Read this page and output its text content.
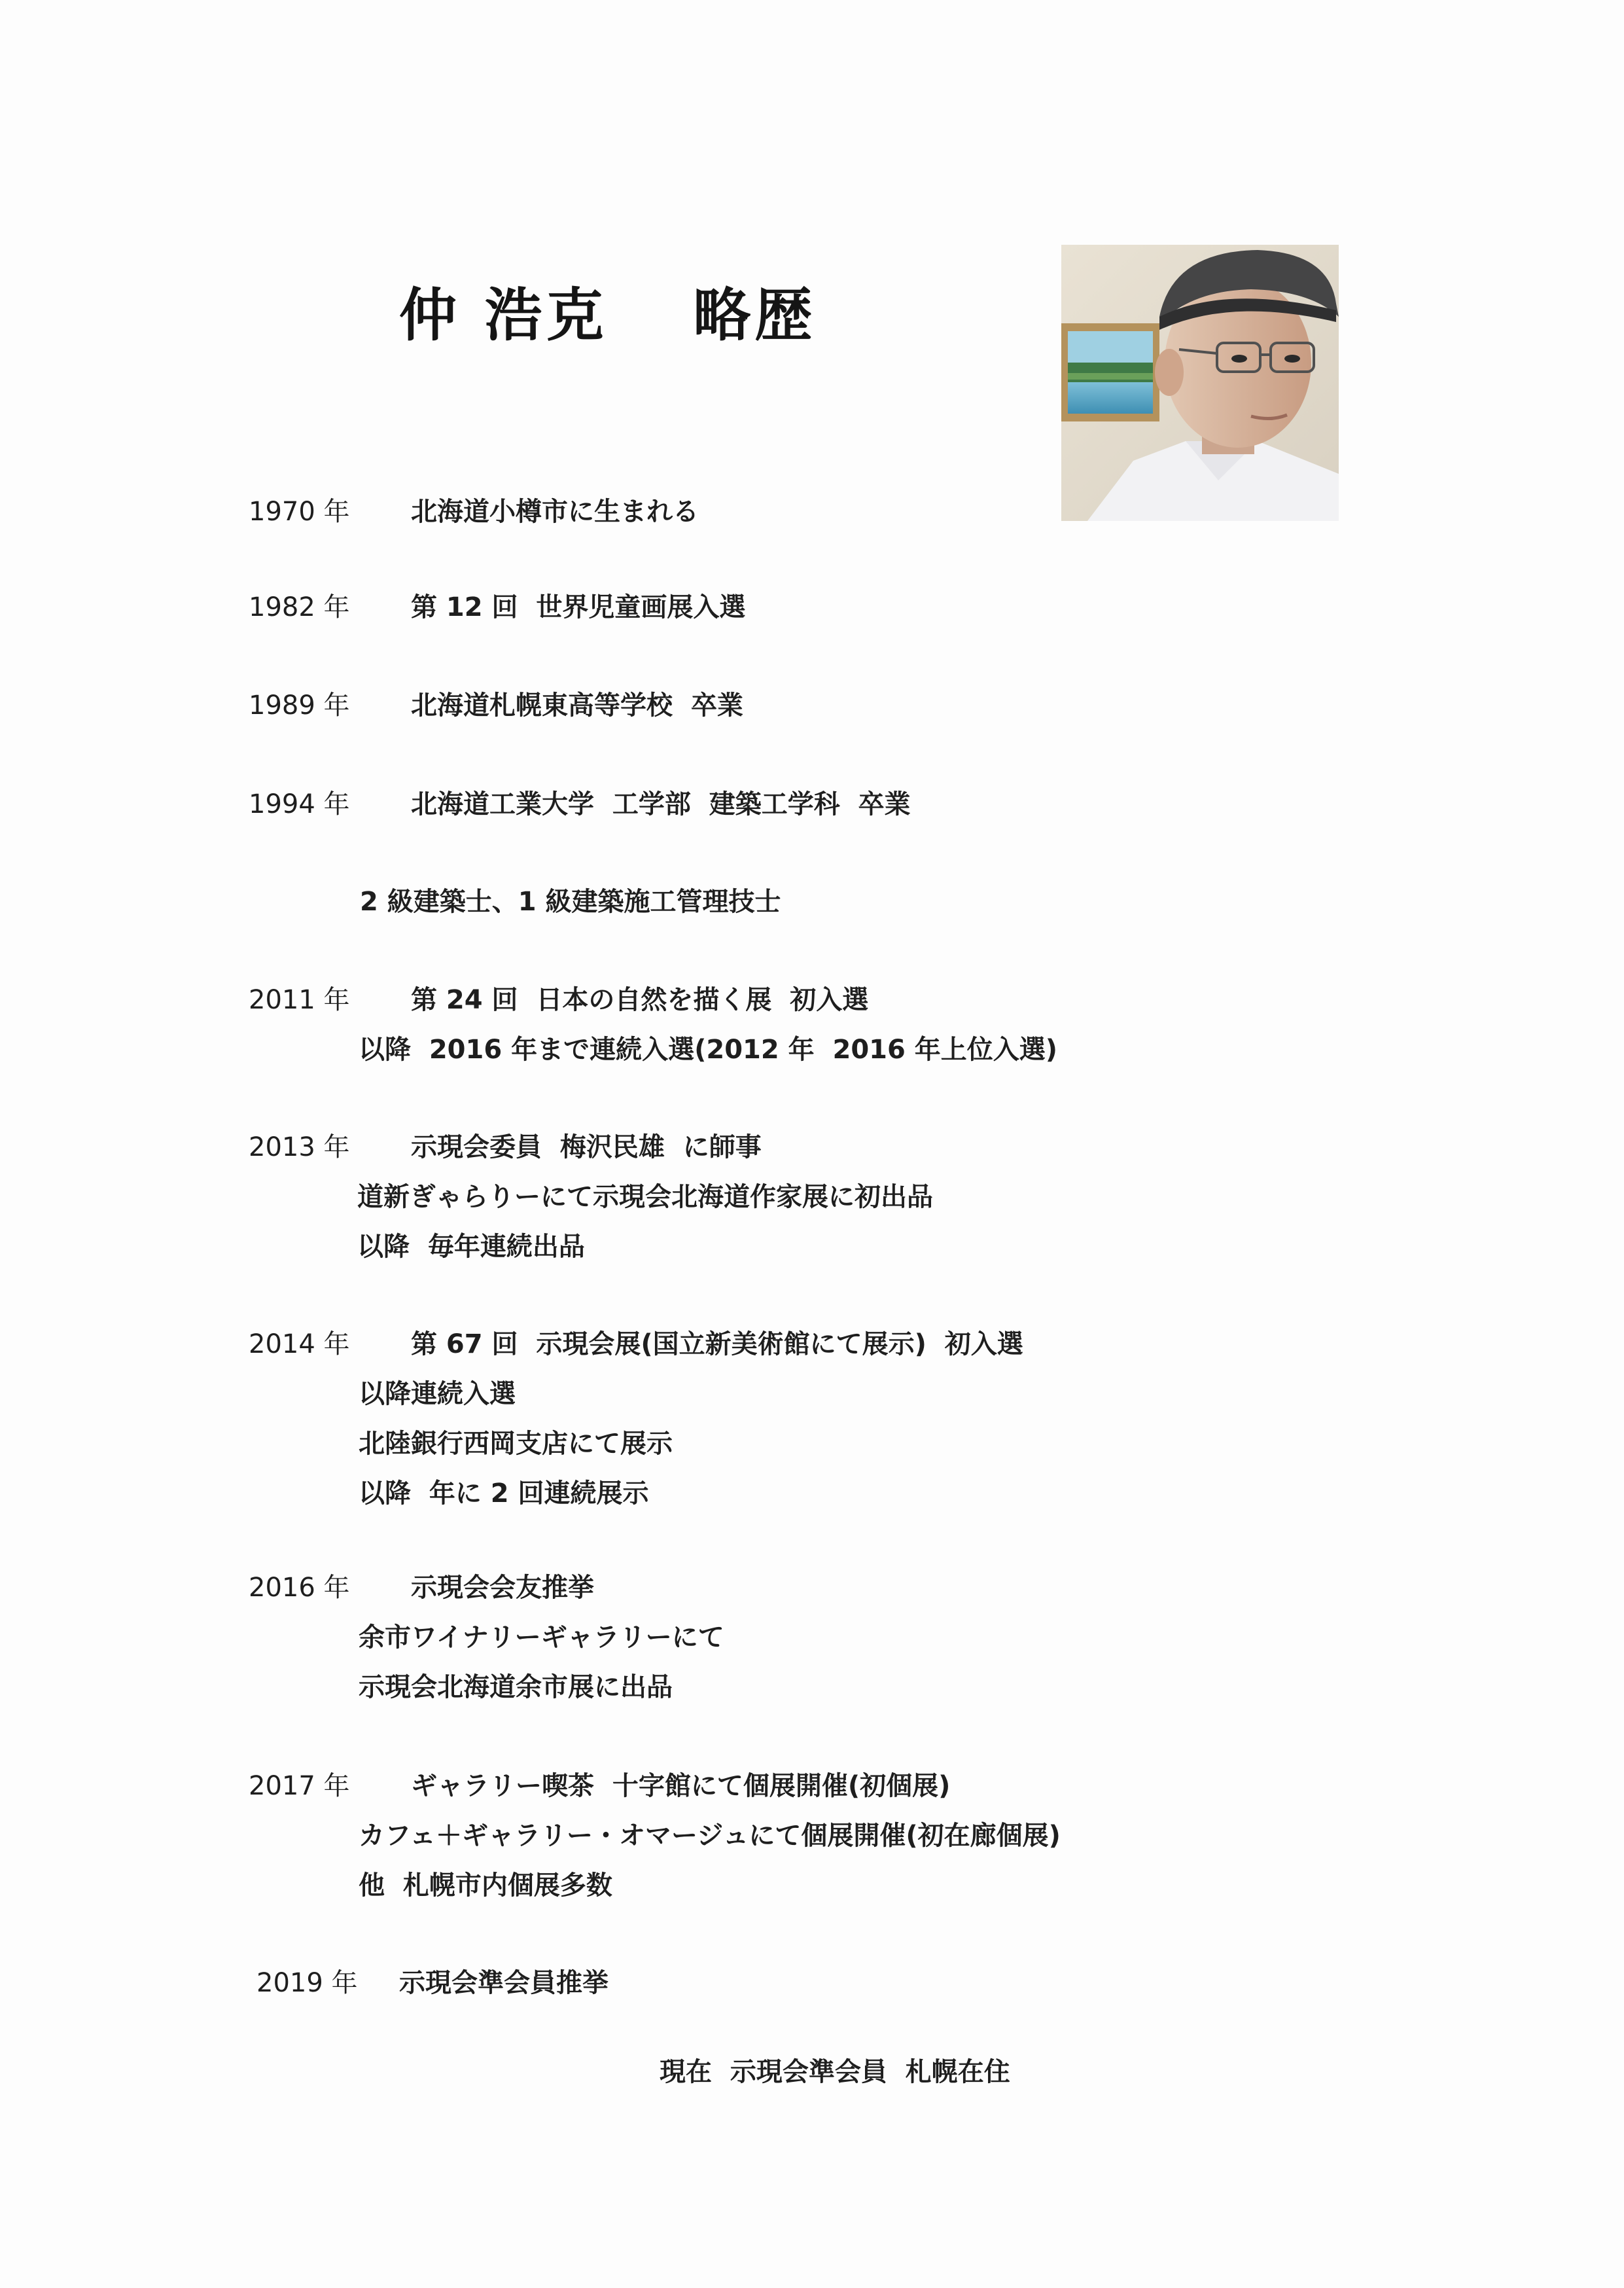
仲 浩克　 略歴
1970 年 北海道小樽市に生まれる
1982 年 第 12 回  世界児童画展入選
1989 年 北海道札幌東高等学校  卒業
1994 年 北海道工業大学  工学部  建築工学科  卒業
2 級建築士、1 級建築施工管理技士
2011 年 第 24 回  日本の自然を描く展  初入選
以降  2016 年まで連続入選(2012 年  2016 年上位入選)
2013 年 示現会委員  梅沢民雄  に師事
道新ぎゃらりーにて示現会北海道作家展に初出品
以降  毎年連続出品
2014 年 第 67 回  示現会展(国立新美術館にて展示)  初入選
以降連続入選
北陸銀行西岡支店にて展示
以降  年に 2 回連続展示
2016 年 示現会会友推挙
余市ワイナリーギャラリーにて
示現会北海道余市展に出品
2017 年 ギャラリー喫茶  十字館にて個展開催(初個展)
カフェ＋ギャラリー・オマージュにて個展開催(初在廊個展)
他  札幌市内個展多数
2019 年 示現会準会員推挙
現在  示現会準会員  札幌在住
